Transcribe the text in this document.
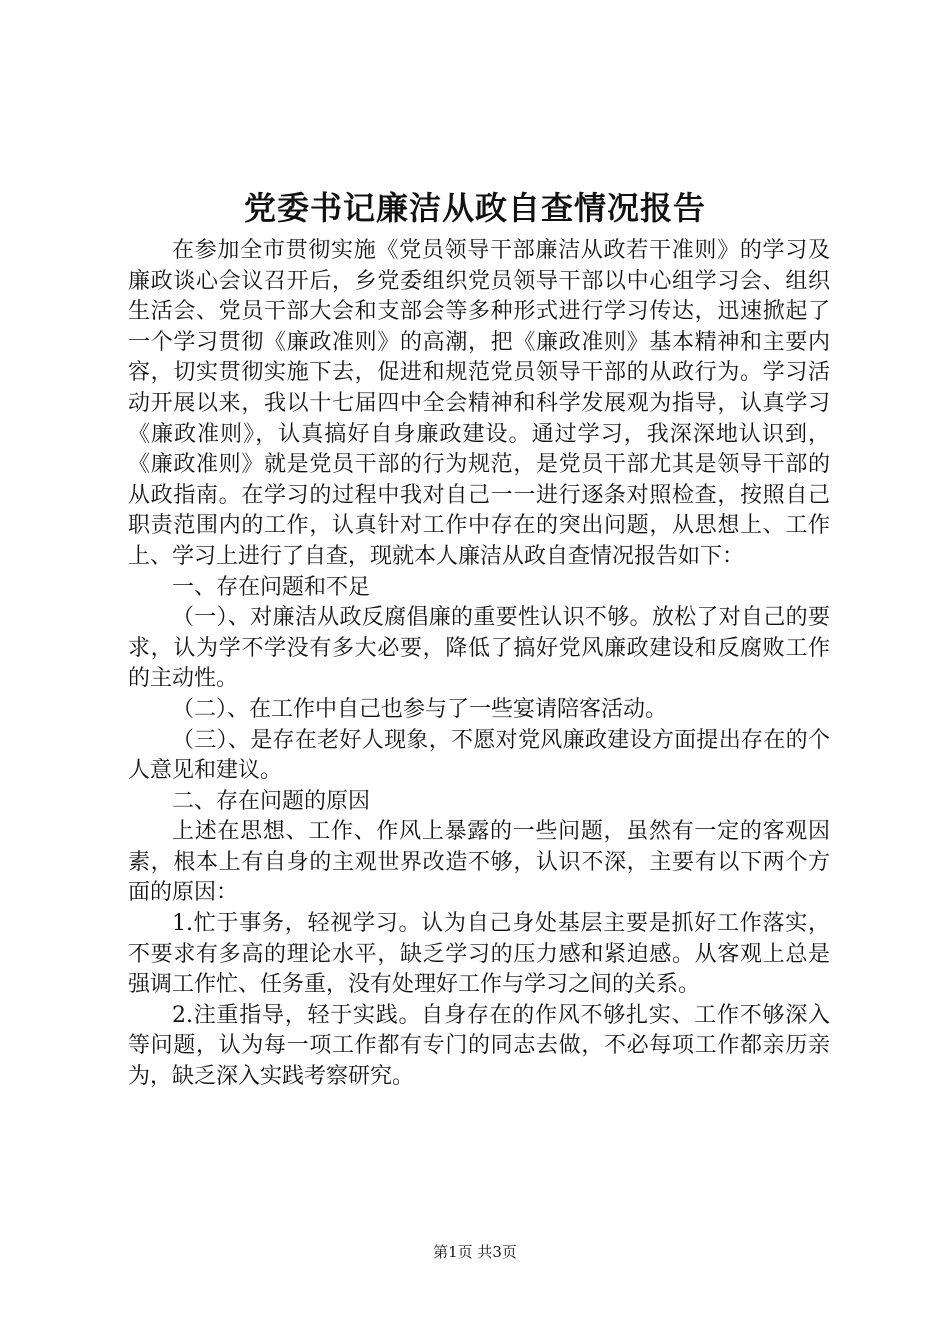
党委书记廉洁从政自查情况报告

在参加全市贯彻实施《党员领导干部廉洁从政若干准则》的学习及廉政谈心会议召开后，乡党委组织党员领导干部以中心组学习会、组织生活会、党员干部大会和支部会等多种形式进行学习传达，迅速掀起了一个学习贯彻《廉政准则》的高潮，把《廉政准则》基本精神和主要内容，切实贯彻实施下去，促进和规范党员领导干部的从政行为。学习活动开展以来，我以十七届四中全会精神和科学发展观为指导，认真学习《廉政准则》，认真搞好自身廉政建设。通过学习，我深深地认识到，《廉政准则》就是党员干部的行为规范，是党员干部尤其是领导干部的从政指南。在学习的过程中我对自己一一进行逐条对照检查，按照自己职责范围内的工作，认真针对工作中存在的突出问题，从思想上、工作上、学习上进行了自查，现就本人廉洁从政自查情况报告如下：

一、存在问题和不足

（一）、对廉洁从政反腐倡廉的重要性认识不够。放松了对自己的要求，认为学不学没有多大必要，降低了搞好党风廉政建设和反腐败工作的主动性。

（二）、在工作中自己也参与了一些宴请陪客活动。

（三）、是存在老好人现象，不愿对党风廉政建设方面提出存在的个人意见和建议。

二、存在问题的原因

上述在思想、工作、作风上暴露的一些问题，虽然有一定的客观因素，根本上有自身的主观世界改造不够，认识不深，主要有以下两个方面的原因：

1.忙于事务，轻视学习。认为自己身处基层主要是抓好工作落实，不要求有多高的理论水平，缺乏学习的压力感和紧迫感。从客观上总是强调工作忙、任务重，没有处理好工作与学习之间的关系。

2.注重指导，轻于实践。自身存在的作风不够扎实、工作不够深入等问题，认为每一项工作都有专门的同志去做，不必每项工作都亲历亲为，缺乏深入实践考察研究。

第1页 共3页
